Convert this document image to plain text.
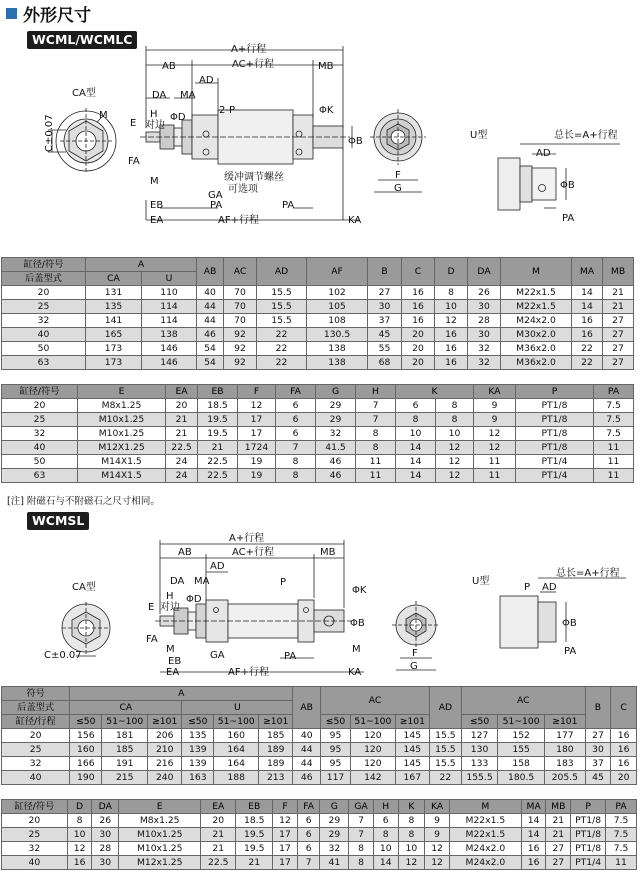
外形尺寸
WCML/WCMLC
CA型
M
C±0.07
A+行程
AC+行程
AB	MB
AD
DA MA
H
对边
ΦD
2-P	ΦK
ΦB
E
FA
M
GA
EB	PA	PA
EA	AF+行程	KA
缓冲调节螺丝
可选项
F
G
U型	总长=A+行程
AD
ΦB
PA
缸径/符号	A		AB	AC	AD	AF	B	C	D	DA	M	MA	MB
后盖型式	CA	U											
20	131	110	40	70	15.5	102	27	16	8	26	M22x1.5	14	21
25	135	114	44	70	15.5	105	30	16	10	30	M22x1.5	14	21
32	141	114	44	70	15.5	108	37	16	12	28	M24x2.0	16	27
40	165	138	46	92	22	130.5	45	20	16	30	M30x2.0	16	27
50	173	146	54	92	22	138	55	20	16	32	M36x2.0	22	27
63	173	146	54	92	22	138	68	20	16	32	M36x2.0	22	27
缸径/符号	E	EA	EB	F	FA	G	H	K		KA	P	PA
20	M8x1.25	20	18.5	12	6	29	7	6	8	9	PT1/8	7.5
25	M10x1.25	21	19.5	17	6	29	7	8	8	9	PT1/8	7.5
32	M10x1.25	21	19.5	17	6	32	8	10	10	12	PT1/8	7.5
40	M12X1.25	22.5	21	1724	7	41.5	8	14	12	12	PT1/8	11
50	M14X1.5	24	22.5	19	8	46	11	14	12	11	PT1/4	11
63	M14X1.5	24	22.5	19	8	46	11	14	12	11	PT1/4	11
[注] 附磁石与不附磁石之尺寸相同。
WCMSL
CA型
C±0.07
A+行程
AC+行程
AB	MB
AD
DA MA
H
对边
ΦD
P
ΦK
ΦB
E
FA
M
EB
EA
GA	PA
M
AF+行程	KA
F
G
U型
总长=A+行程
P AD
ΦB
PA
符号	A						AB	AC			AD	AC			B	C
后盖型式	CA			U												
缸径/行程	≤50	51~100	≥101	≤50	51~100	≥101		≤50	51~100	≥101		≤50	51~100	≥101		
20	156	181	206	135	160	185	40	95	120	145	15.5	127	152	177	27	16
25	160	185	210	139	164	189	44	95	120	145	15.5	130	155	180	30	16
32	166	191	216	139	164	189	44	95	120	145	15.5	133	158	183	37	16
40	190	215	240	163	188	213	46	117	142	167	22	155.5	180.5	205.5	45	20
缸径/符号	D	DA	E	EA	EB	F	FA	G	GA	H	K	KA	M	MA	MB	P	PA
20	8	26	M8x1.25	20	18.5	12	6	29	7	6	8	9	M22x1.5	14	21	PT1/8	7.5
25	10	30	M10x1.25	21	19.5	17	6	29	7	8	8	9	M22x1.5	14	21	PT1/8	7.5
32	12	28	M10x1.25	21	19.5	17	6	32	8	10	10	12	M24x2.0	16	27	PT1/8	7.5
40	16	30	M12x1.25	22.5	21	17	7	41	8	14	12	12	M24x2.0	16	27	PT1/4	11
